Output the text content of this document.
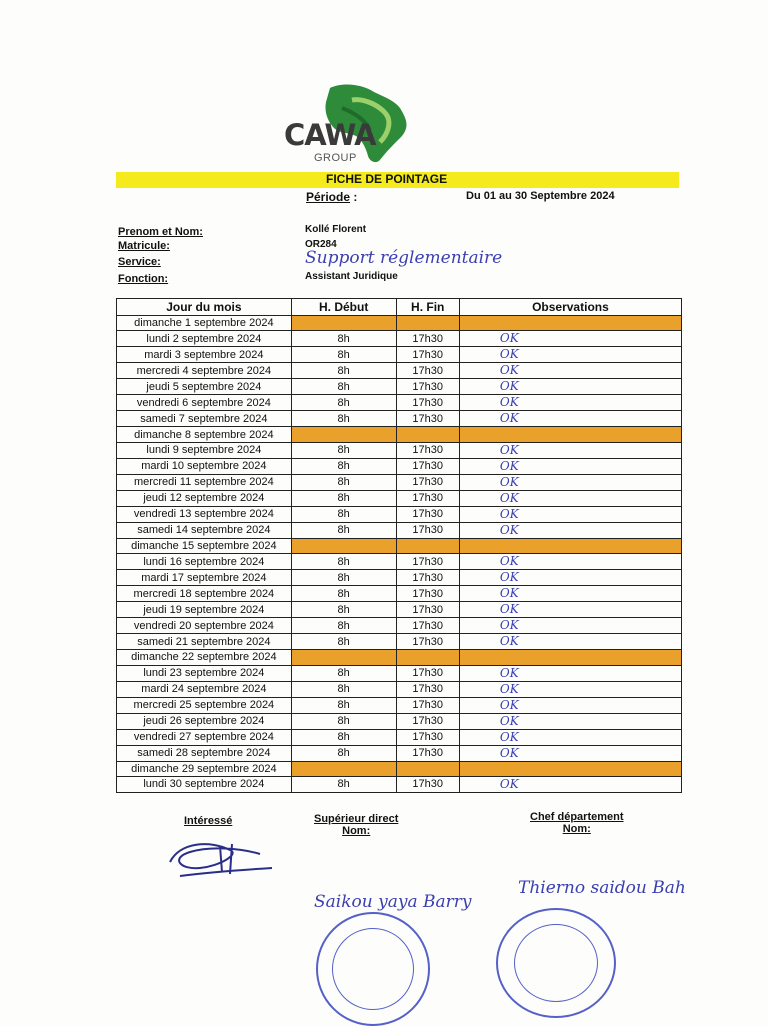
CAWA
GROUP
FICHE DE POINTAGE
Période :	Du 01 au 30 Septembre 2024
Prenom et Nom:	Kollé Florent
Matricule:	OR284
Service:	Support réglementaire
Fonction:	Assistant Juridique
Jour du mois	H. Début	H. Fin	Observations
dimanche 1 septembre 2024			
lundi 2 septembre 2024	8h	17h30	OK
mardi 3 septembre 2024	8h	17h30	OK
mercredi 4 septembre 2024	8h	17h30	OK
jeudi 5 septembre 2024	8h	17h30	OK
vendredi 6 septembre 2024	8h	17h30	OK
samedi 7 septembre 2024	8h	17h30	OK
dimanche 8 septembre 2024			
lundi 9 septembre 2024	8h	17h30	OK
mardi 10 septembre 2024	8h	17h30	OK
mercredi 11 septembre 2024	8h	17h30	OK
jeudi 12 septembre 2024	8h	17h30	OK
vendredi 13 septembre 2024	8h	17h30	OK
samedi 14 septembre 2024	8h	17h30	OK
dimanche 15 septembre 2024			
lundi 16 septembre 2024	8h	17h30	OK
mardi 17 septembre 2024	8h	17h30	OK
mercredi 18 septembre 2024	8h	17h30	OK
jeudi 19 septembre 2024	8h	17h30	OK
vendredi 20 septembre 2024	8h	17h30	OK
samedi 21 septembre 2024	8h	17h30	OK
dimanche 22 septembre 2024			
lundi 23 septembre 2024	8h	17h30	OK
mardi 24 septembre 2024	8h	17h30	OK
mercredi 25 septembre 2024	8h	17h30	OK
jeudi 26 septembre 2024	8h	17h30	OK
vendredi 27 septembre 2024	8h	17h30	OK
samedi 28 septembre 2024	8h	17h30	OK
dimanche 29 septembre 2024			
lundi 30 septembre 2024	8h	17h30	OK
Intéressé	Supérieur direct
Nom:
Saikou yaya Barry
Chef département
Nom:
Thierno saidou Bah
